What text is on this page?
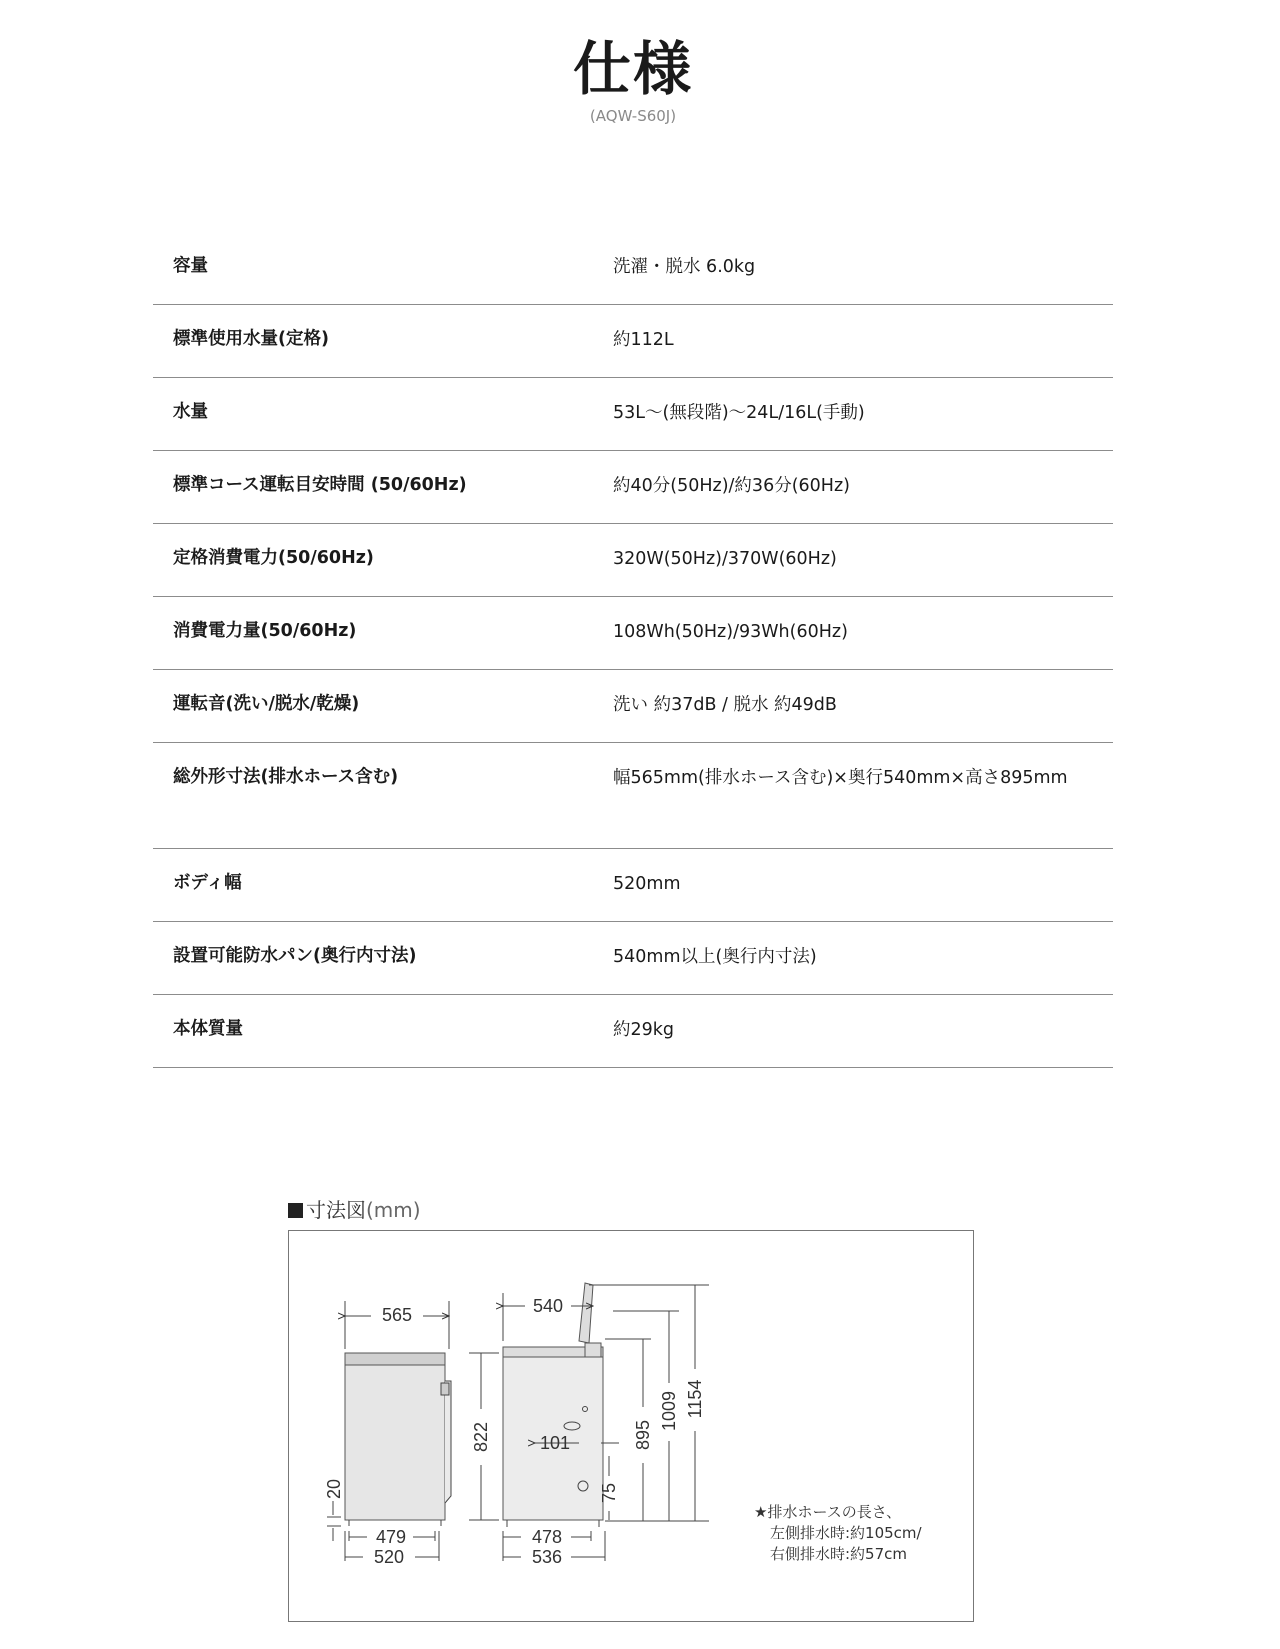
仕様
(AQW-S60J)
容量	洗濯・脱水 6.0kg
標準使用水量(定格)	約112L
水量	53L〜(無段階)〜24L/16L(手動)
標準コース運転目安時間 (50/60Hz)	約40分(50Hz)/約36分(60Hz)
定格消費電力(50/60Hz)	320W(50Hz)/370W(60Hz)
消費電力量(50/60Hz)	108Wh(50Hz)/93Wh(60Hz)
運転音(洗い/脱水/乾燥)	洗い 約37dB / 脱水 約49dB
総外形寸法(排水ホース含む)	幅565mm(排水ホース含む)×奥行540mm×高さ895mm
ボディ幅	520mm
設置可能防水パン(奥行内寸法)	540mm以上(奥行内寸法)
本体質量	約29kg
寸法図(mm)
565
479
520
20
540
822	101
75
478
536
895
1009 1154
★排水ホースの長さ、
左側排水時:約105cm/
右側排水時:約57cm
